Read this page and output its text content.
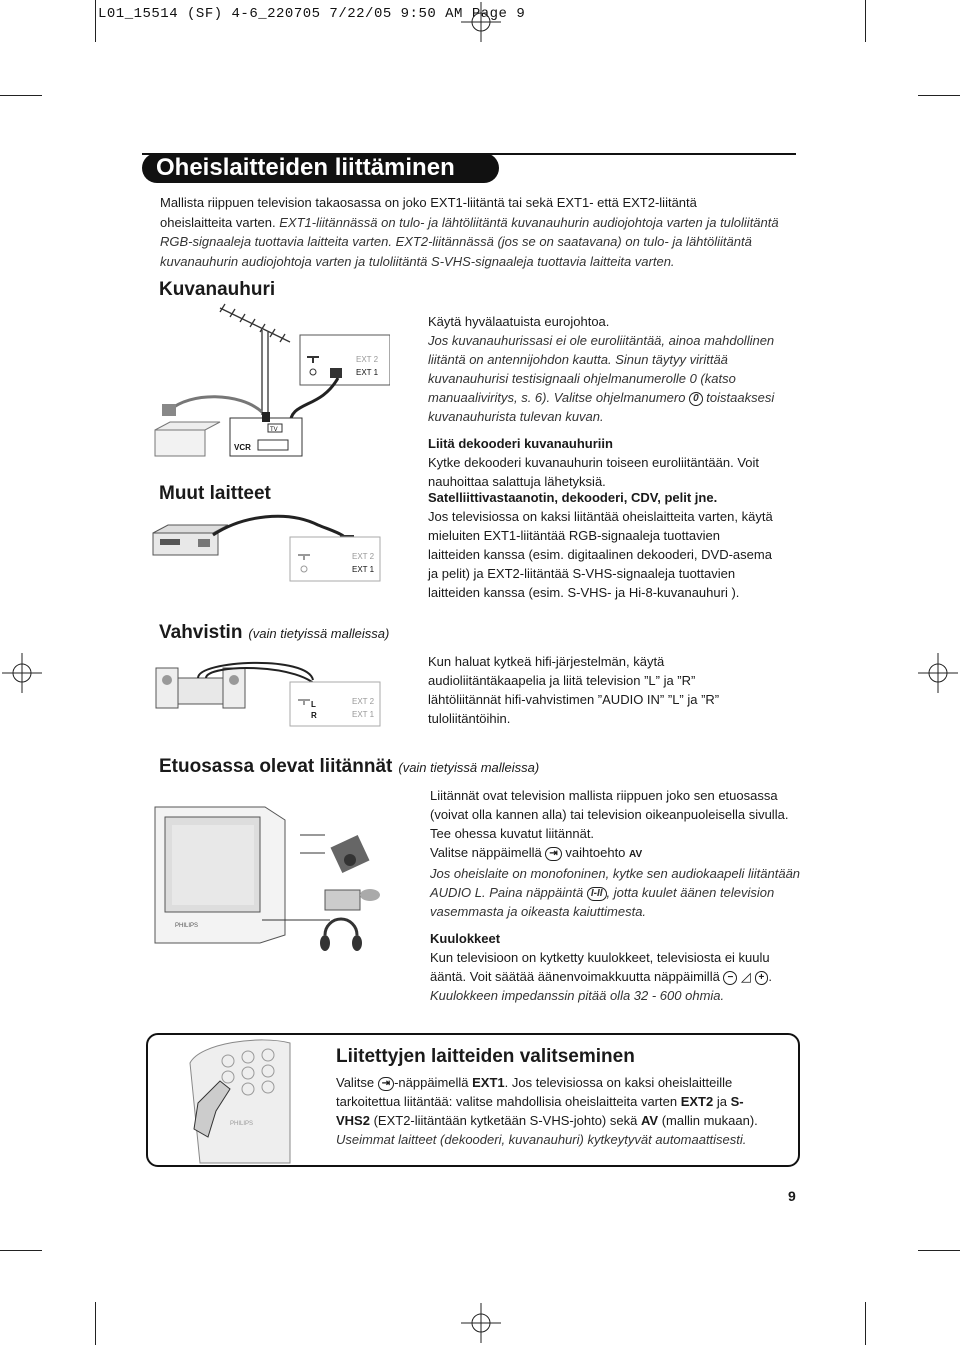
L01_15514 (SF) 4-6_220705 7/22/05 9:50 AM Page 9
Oheislaitteiden liittäminen

Mallista riippuen television takaosassa on joko EXT1-liitäntä tai sekä EXT1- että EXT2-liitäntä

oheislaitteita varten. EXT1-liitännässä on tulo- ja lähtöliitäntä kuvanauhurin audiojohtoja varten ja tuloliitäntä

RGB-signaaleja tuottavia laitteita varten. EXT2-liitännässä (jos se on saatavana) on tulo- ja lähtöliitäntä

kuvanauhurin audiojohtoja varten ja tuloliitäntä S-VHS-signaaleja tuottavia laitteita varten.

Kuvanauhuri
EXT 2
EXT 1
VCR
TV

Käytä hyvälaatuista eurojohtoa.

Jos kuvanauhurissasi ei ole euroliitäntää, ainoa mahdollinen

liitäntä on antennijohdon kautta. Sinun täytyy virittää

kuvanauhurisi testisignaali ohjelmanumerolle 0 (katso

manuaaliviritys, s. 6). Valitse ohjelmanumero 0 toistaaksesi

kuvanauhurista tulevan kuvan.

Liitä dekooderi kuvanauhuriin

Kytke dekooderi kuvanauhurin toiseen euroliitäntään. Voit

nauhoittaa salattuja lähetyksiä.

Muut laitteet
EXT 2
EXT 1

Satelliittivastaanotin, dekooderi, CDV, pelit jne.

Jos televisiossa on kaksi liitäntää oheislaitteita varten, käytä

mieluiten EXT1-liitäntää RGB-signaaleja tuottavien

laitteiden kanssa (esim. digitaalinen dekooderi, DVD-asema

ja pelit) ja EXT2-liitäntää S-VHS-signaaleja tuottavien

laitteiden kanssa (esim. S-VHS- ja Hi-8-kuvanauhuri ).

Vahvistin (vain tietyissä malleissa)
L
R
EXT 2
EXT 1

Kun haluat kytkeä hifi-järjestelmän, käytä

audioliitäntäkaapelia ja liitä television ”L” ja ”R”

lähtöliitännät hifi-vahvistimen ”AUDIO IN” ”L” ja ”R”

tuloliitäntöihin.

Etuosassa olevat liitännät (vain tietyissä malleissa)
PHILIPS

Liitännät ovat television mallista riippuen joko sen etuosassa

(voivat olla kannen alla) tai television oikeanpuoleisella sivulla.

Tee ohessa kuvatut liitännät.

Valitse näppäimellä ⇥ vaihtoehto AV

Jos oheislaite on monofoninen, kytke sen audiokaapeli liitäntään

AUDIO L. Paina näppäintä I-II , jotta kuulet äänen television

vasemmasta ja oikeasta kaiuttimesta.

Kuulokkeet

Kun televisioon on kytketty kuulokkeet, televisiosta ei kuulu

ääntä. Voit säätää äänenvoimakkuutta näppäimillä − ◿ + .

Kuulokkeen impedanssin pitää olla 32 - 600 ohmia.

PHILIPS
Liitettyjen laitteiden valitseminen

Valitse ⇥ -näppäimellä EXT1. Jos televisiossa on kaksi oheislaitteille

tarkoitettua liitäntää: valitse mahdollisia oheislaitteita varten EXT2 ja S-

VHS2 (EXT2-liitäntään kytketään S-VHS-johto) sekä AV (mallin mukaan).

Useimmat laitteet (dekooderi, kuvanauhuri) kytkeytyvät automaattisesti.

9
